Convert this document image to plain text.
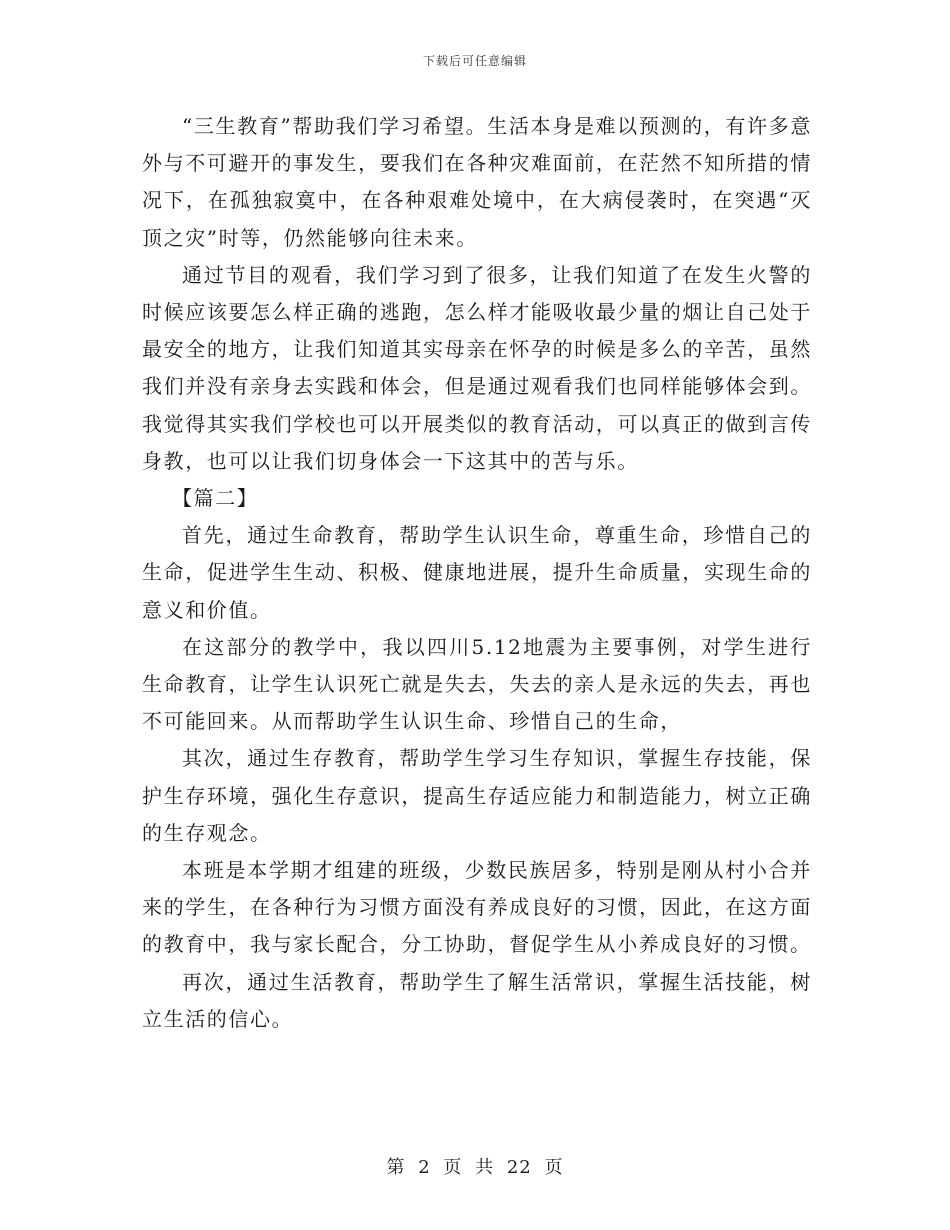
下载后可任意编辑

“三生教育”帮助我们学习希望。生活本身是难以预测的，有许多意外与不可避开的事发生，要我们在各种灾难面前，在茫然不知所措的情况下，在孤独寂寞中，在各种艰难处境中，在大病侵袭时，在突遇“灭顶之灾”时等，仍然能够向往未来。

通过节目的观看，我们学习到了很多，让我们知道了在发生火警的时候应该要怎么样正确的逃跑，怎么样才能吸收最少量的烟让自己处于最安全的地方，让我们知道其实母亲在怀孕的时候是多么的辛苦，虽然我们并没有亲身去实践和体会，但是通过观看我们也同样能够体会到。我觉得其实我们学校也可以开展类似的教育活动，可以真正的做到言传身教，也可以让我们切身体会一下这其中的苦与乐。

【篇二】

首先，通过生命教育，帮助学生认识生命，尊重生命，珍惜自己的生命，促进学生生动、积极、健康地进展，提升生命质量，实现生命的意义和价值。

在这部分的教学中，我以四川5.12地震为主要事例，对学生进行生命教育，让学生认识死亡就是失去，失去的亲人是永远的失去，再也不可能回来。从而帮助学生认识生命、珍惜自己的生命，

其次，通过生存教育，帮助学生学习生存知识，掌握生存技能，保护生存环境，强化生存意识，提高生存适应能力和制造能力，树立正确的生存观念。

本班是本学期才组建的班级，少数民族居多，特别是刚从村小合并来的学生，在各种行为习惯方面没有养成良好的习惯，因此，在这方面的教育中，我与家长配合，分工协助，督促学生从小养成良好的习惯。

再次，通过生活教育，帮助学生了解生活常识，掌握生活技能，树立生活的信心。

第 2 页 共 22 页
